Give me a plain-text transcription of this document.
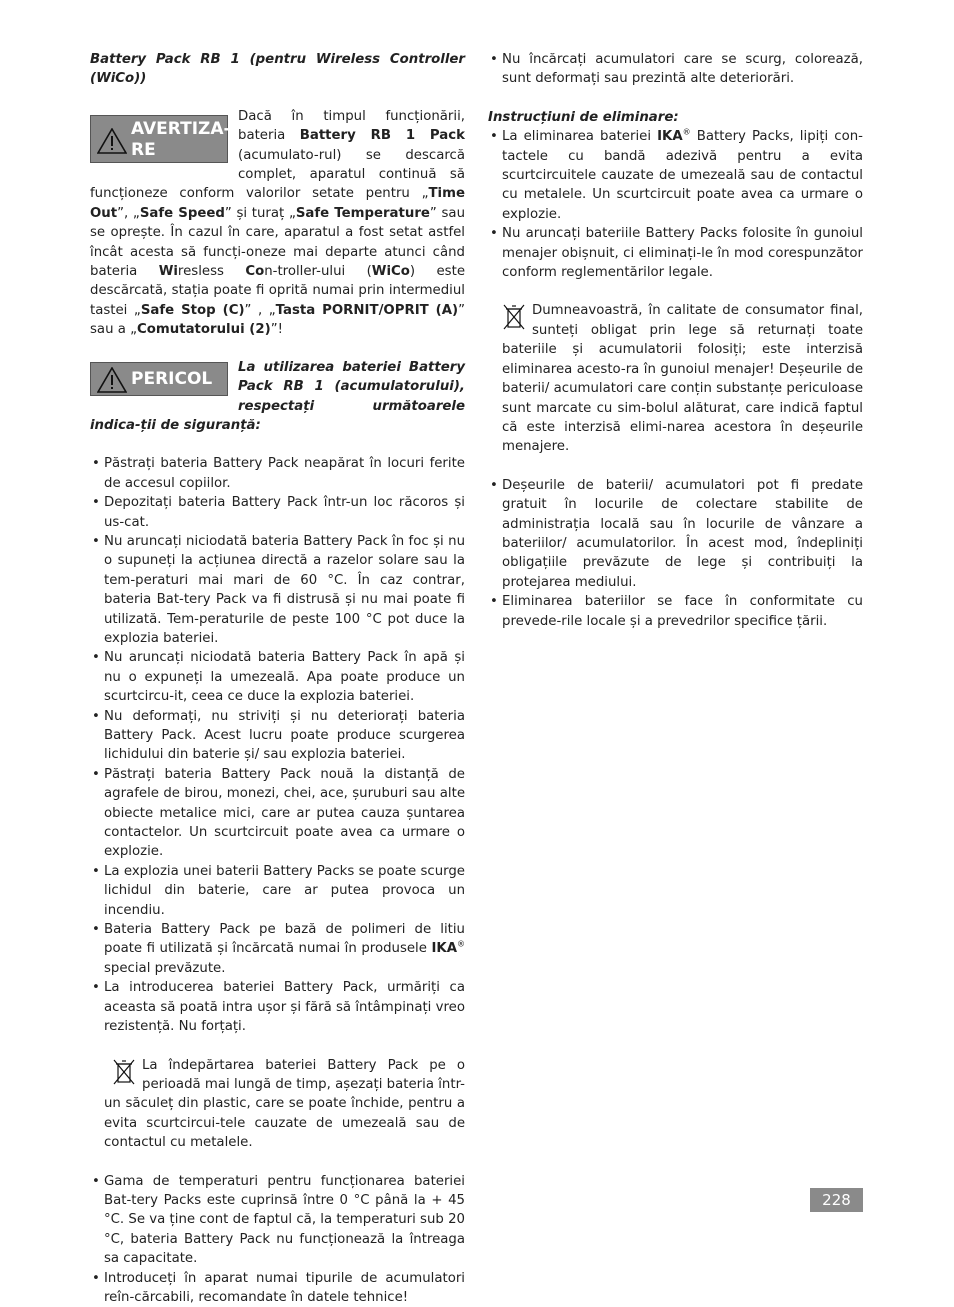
Battery Pack RB 1 (pentru Wireless Controller (WiCo))

AVERTIZA-
RE

Dacă în timpul funcționării, bateria Battery RB 1 Pack (acumulato-rul) se descarcă complet, aparatul continuă să funcționeze conform valorilor setate pentru „Time Out”, „Safe Speed” și turaț „Safe Temperature” sau se oprește. În cazul în care, aparatul a fost setat astfel încât acesta să funcți-oneze mai departe atunci când bateria Wiresless Con-troller-ului (WiCo) este descărcată, stația poate fi oprită numai prin intermediul tastei „Safe Stop (C)” , „Tasta PORNIT/OPRIT (A)” sau a „Comutatorului (2)”!

PERICOL

La utilizarea bateriei Battery Pack RB 1 (acumulatorului), respectați următoarele indica-ții de siguranță:

• Păstrați bateria Battery Pack neapărat în locuri ferite de accesul copiilor.
• Depozitați bateria Battery Pack într-un loc răcoros și us-cat.
• Nu aruncați niciodată bateria Battery Pack în foc și nu o supuneți la acțiunea directă a razelor solare sau la tem-peraturi mai mari de 60 °C. În caz contrar, bateria Bat-tery Pack va fi distrusă și nu mai poate fi utilizată. Tem-peraturile de peste 100 °C pot duce la explozia bateriei.
• Nu aruncați niciodată bateria Battery Pack în apă și nu o expuneți la umezeală. Apa poate produce un scurtcircu-it, ceea ce duce la explozia bateriei.
• Nu deformați, nu striviți și nu deteriorați bateria Battery Pack. Acest lucru poate produce scurgerea lichidului din baterie și/ sau explozia bateriei.
• Păstrați bateria Battery Pack nouă la distanță de agrafele de birou, monezi, chei, ace, șuruburi sau alte obiecte metalice mici, care ar putea cauza șuntarea contactelor. Un scurtcircuit poate avea ca urmare o explozie.
• La explozia unei baterii Battery Packs se poate scurge lichidul din baterie, care ar putea provoca un incendiu.
• Bateria Battery Pack pe bază de polimeri de litiu poate fi utilizată și încărcată numai în produsele IKA® special prevăzute.
• La introducerea bateriei Battery Pack, urmăriți ca aceasta să poată intra ușor și fără să întâmpinați vreo rezistență. Nu forțați.

La îndepărtarea bateriei Battery Pack pe o perioadă mai lungă de timp, așezați bateria într-un săculeț din plastic, care se poate închide, pentru a evita scurtcircui-tele cauzate de umezeală sau de contactul cu metalele.

• Gama de temperaturi pentru funcționarea bateriei Bat-tery Packs este cuprinsă între 0 °C până la + 45 °C. Se va ține cont de faptul că, la temperaturi sub 20 °C, bateria Battery Pack nu funcționează la întreaga sa capacitate.
• Introduceți în aparat numai tipurile de acumulatori reîn-cărcabili, recomandate în datele tehnice!
• Nu încărcați acumulatori care se scurg, colorează, sunt deformați sau prezintă alte deteriorări.

Instrucțiuni de eliminare:

• La eliminarea bateriei IKA® Battery Packs, lipiți con-tactele cu bandă adezivă pentru a evita scurtcircuitele cauzate de umezeală sau de contactul cu metalele. Un scurtcircuit poate avea ca urmare o explozie.
• Nu aruncați bateriile Battery Packs folosite în gunoiul menajer obișnuit, ci eliminați-le în mod corespunzător conform reglementărilor legale.

Dumneavoastră, în calitate de consumator final, sunteți obligat prin lege să returnați toate bateriile și acumulatorii folosiți; este interzisă eliminarea acesto-ra în gunoiul menajer! Deșeurile de baterii/ acumulatori care conțin substanțe periculoase sunt marcate cu sim-bolul alăturat, care indică faptul că este interzisă elimi-narea acestora în deșeurile menajere.

• Deșeurile de baterii/ acumulatori pot fi predate gratuit în locurile de colectare stabilite de administrația locală sau în locurile de vânzare a bateriilor/ acumulatorilor. În acest mod, îndepliniți obligațiile prevăzute de lege și contribuiți la protejarea mediului.
• Eliminarea bateriilor se face în conformitate cu prevede-rile locale și a prevedrilor specifice țării.
228
